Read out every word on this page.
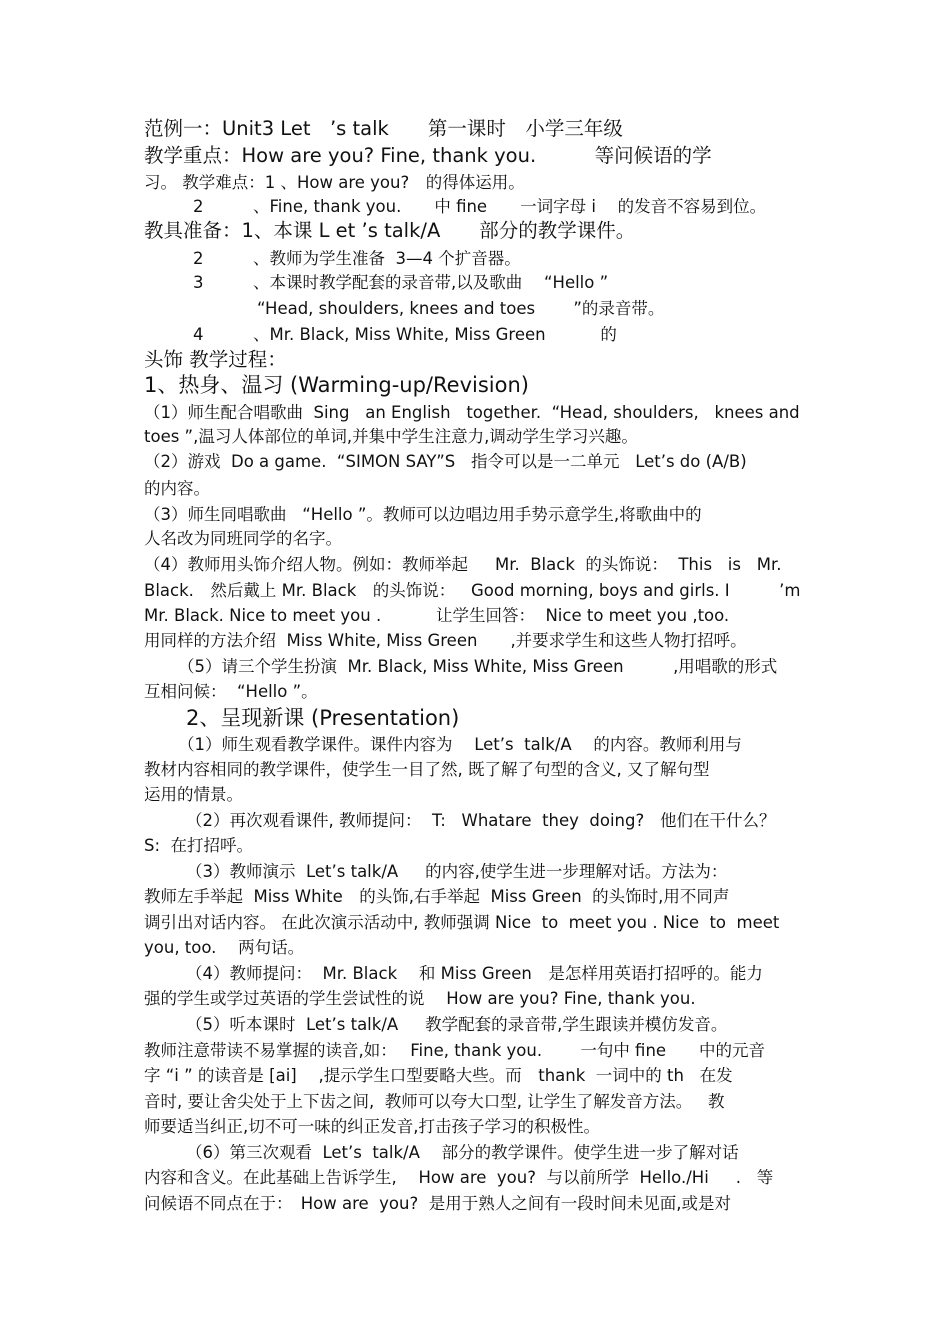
范例一：Unit3 Let　’s talk　　第一课时　小学三年级
教学重点：How are you? Fine, thank you.　　　等问候语的学
习。 教学难点：1 、How are you?　的得体运用。
2　　　、Fine, thank you.　　中 fine　　一词字母 i　 的发音不容易到位。
教具准备：1、本课 L et ’s talk/A　　部分的教学课件。
2　　　、教师为学生准备  3—4 个扩音器。
3　　　、本课时教学配套的录音带,以及歌曲　 “Hello ”
“Head, shoulders, knees and toes　　 ”的录音带。
4　　　、Mr. Black, Miss White, Miss Green　　　 的
头饰 教学过程：
1、热身、温习 (Warming-up/Revision)
（1）师生配合唱歌曲  Sing   an English   together.  “Head, shoulders,   knees and
toes ”,温习人体部位的单词,并集中学生注意力,调动学生学习兴趣。
（2）游戏  Do a game.  “SIMON SAY”S   指令可以是一二单元   Let’s do (A/B)
的内容。
（3）师生同唱歌曲   “Hello ”。教师可以边唱边用手势示意学生,将歌曲中的
人名改为同班同学的名字。
（4）教师用头饰介绍人物。例如：教师举起　  Mr.  Black  的头饰说：  This   is   Mr.
Black.　然后戴上 Mr. Black　的头饰说：   Good morning, boys and girls. I　　　’m
Mr. Black. Nice to meet you .　　　 让学生回答：  Nice to meet you ,too.
用同样的方法介绍  Miss White, Miss Green　　,并要求学生和这些人物打招呼。
（5）请三个学生扮演  Mr. Black, Miss White, Miss Green　　　,用唱歌的形式
互相问候：  “Hello ”。
2、呈现新课 (Presentation)
（1）师生观看教学课件。课件内容为　 Let’s  talk/A　 的内容。教师利用与
教材内容相同的教学课件，使学生一目了然, 既了解了句型的含义, 又了解句型
运用的情景。
（2）再次观看课件, 教师提问：  T:   Whatare  they  doing?   他们在干什么？
S:  在打招呼。
（3）教师演示  Let’s talk/A　  的内容,使学生进一步理解对话。方法为：
教师左手举起  Miss White　的头饰,右手举起  Miss Green  的头饰时,用不同声
调引出对话内容。 在此次演示活动中, 教师强调 Nice  to  meet you . Nice  to  meet
you, too.　 两句话。
（4）教师提问：  Mr. Black　 和 Miss Green　是怎样用英语打招呼的。能力
强的学生或学过英语的学生尝试性的说　 How are you? Fine, thank you.
（5）听本课时  Let’s talk/A　  教学配套的录音带,学生跟读并模仿发音。
教师注意带读不易掌握的读音,如：　 Fine, thank you.　　 一句中 fine　　中的元音
字 “i ” 的读音是 [ai]　 ,提示学生口型要略大些。而　thank  一词中的 th   在发
音时, 要让舍尖处于上下齿之间,  教师可以夸大口型, 让学生了解发音方法。   教
师要适当纠正,切不可一味的纠正发音,打击孩子学习的积极性。
（6）第三次观看  Let’s  talk/A　 部分的教学课件。使学生进一步了解对话
内容和含义。在此基础上告诉学生,　 How are  you?  与以前所学  Hello./Hi　  .   等
问候语不同点在于：　How are  you?  是用于熟人之间有一段时间未见面,或是对
